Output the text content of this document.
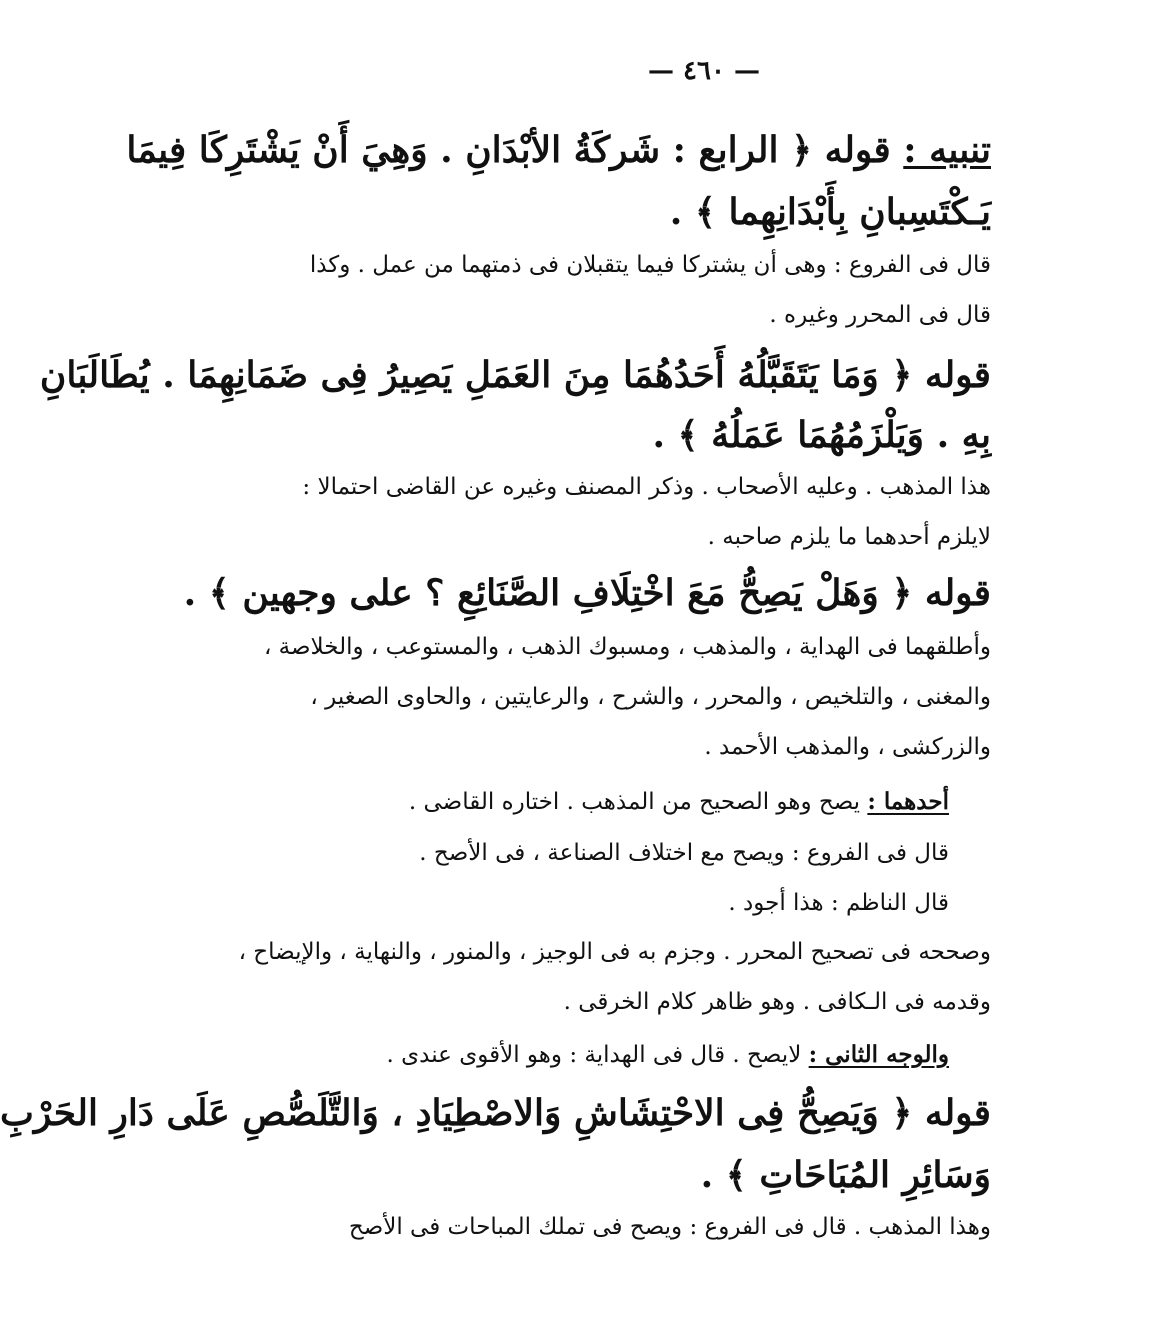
— ٤٦٠ —
تنبيه : قوله ﴿ الرابع : شَركَةُ الأبْدَانِ . وَهِيَ أَنْ يَشْتَرِكَا فِيمَا
يَـكْتَسِبانِ بِأَبْدَانِهِما ﴾ .
قال فى الفروع : وهى أن يشتركا فيما يتقبلان فى ذمتهما من عمل . وكذا
قال فى المحرر وغيره .
قوله ﴿ وَمَا يَتَقَبَّلُهُ أَحَدُهُمَا مِنَ العَمَلِ يَصِيرُ فِى ضَمَانِهِمَا . يُطَالَبَانِ
بِهِ . وَيَلْزَمُهُمَا عَمَلُهُ ﴾ .
هذا المذهب . وعليه الأصحاب . وذكر المصنف وغيره عن القاضى احتمالا :
لايلزم أحدهما ما يلزم صاحبه .
قوله ﴿ وَهَلْ يَصِحُّ مَعَ اخْتِلَافِ الصَّنَائِعِ ؟ على وجهين ﴾ .
وأطلقهما فى الهداية ، والمذهب ، ومسبوك الذهب ، والمستوعب ، والخلاصة ،
والمغنى ، والتلخيص ، والمحرر ، والشرح ، والرعايتين ، والحاوى الصغير ،
والزركشى ، والمذهب الأحمد .
أحدهما : يصح وهو الصحيح من المذهب . اختاره القاضى .
قال فى الفروع : ويصح مع اختلاف الصناعة ، فى الأصح .
قال الناظم : هذا أجود .
وصححه فى تصحيح المحرر . وجزم به فى الوجيز ، والمنور ، والنهاية ، والإيضاح ،
وقدمه فى الـكافى . وهو ظاهر كلام الخرقى .
والوجه الثانى : لايصح . قال فى الهداية : وهو الأقوى عندى .
قوله ﴿ وَيَصِحُّ فِى الاحْتِشَاشِ وَالاصْطِيَادِ ، وَالتَّلَصُّصِ عَلَى دَارِ الحَرْبِ
وَسَائِرِ المُبَاحَاتِ ﴾ .
وهذا المذهب . قال فى الفروع : ويصح فى تملك المباحات فى الأصح
